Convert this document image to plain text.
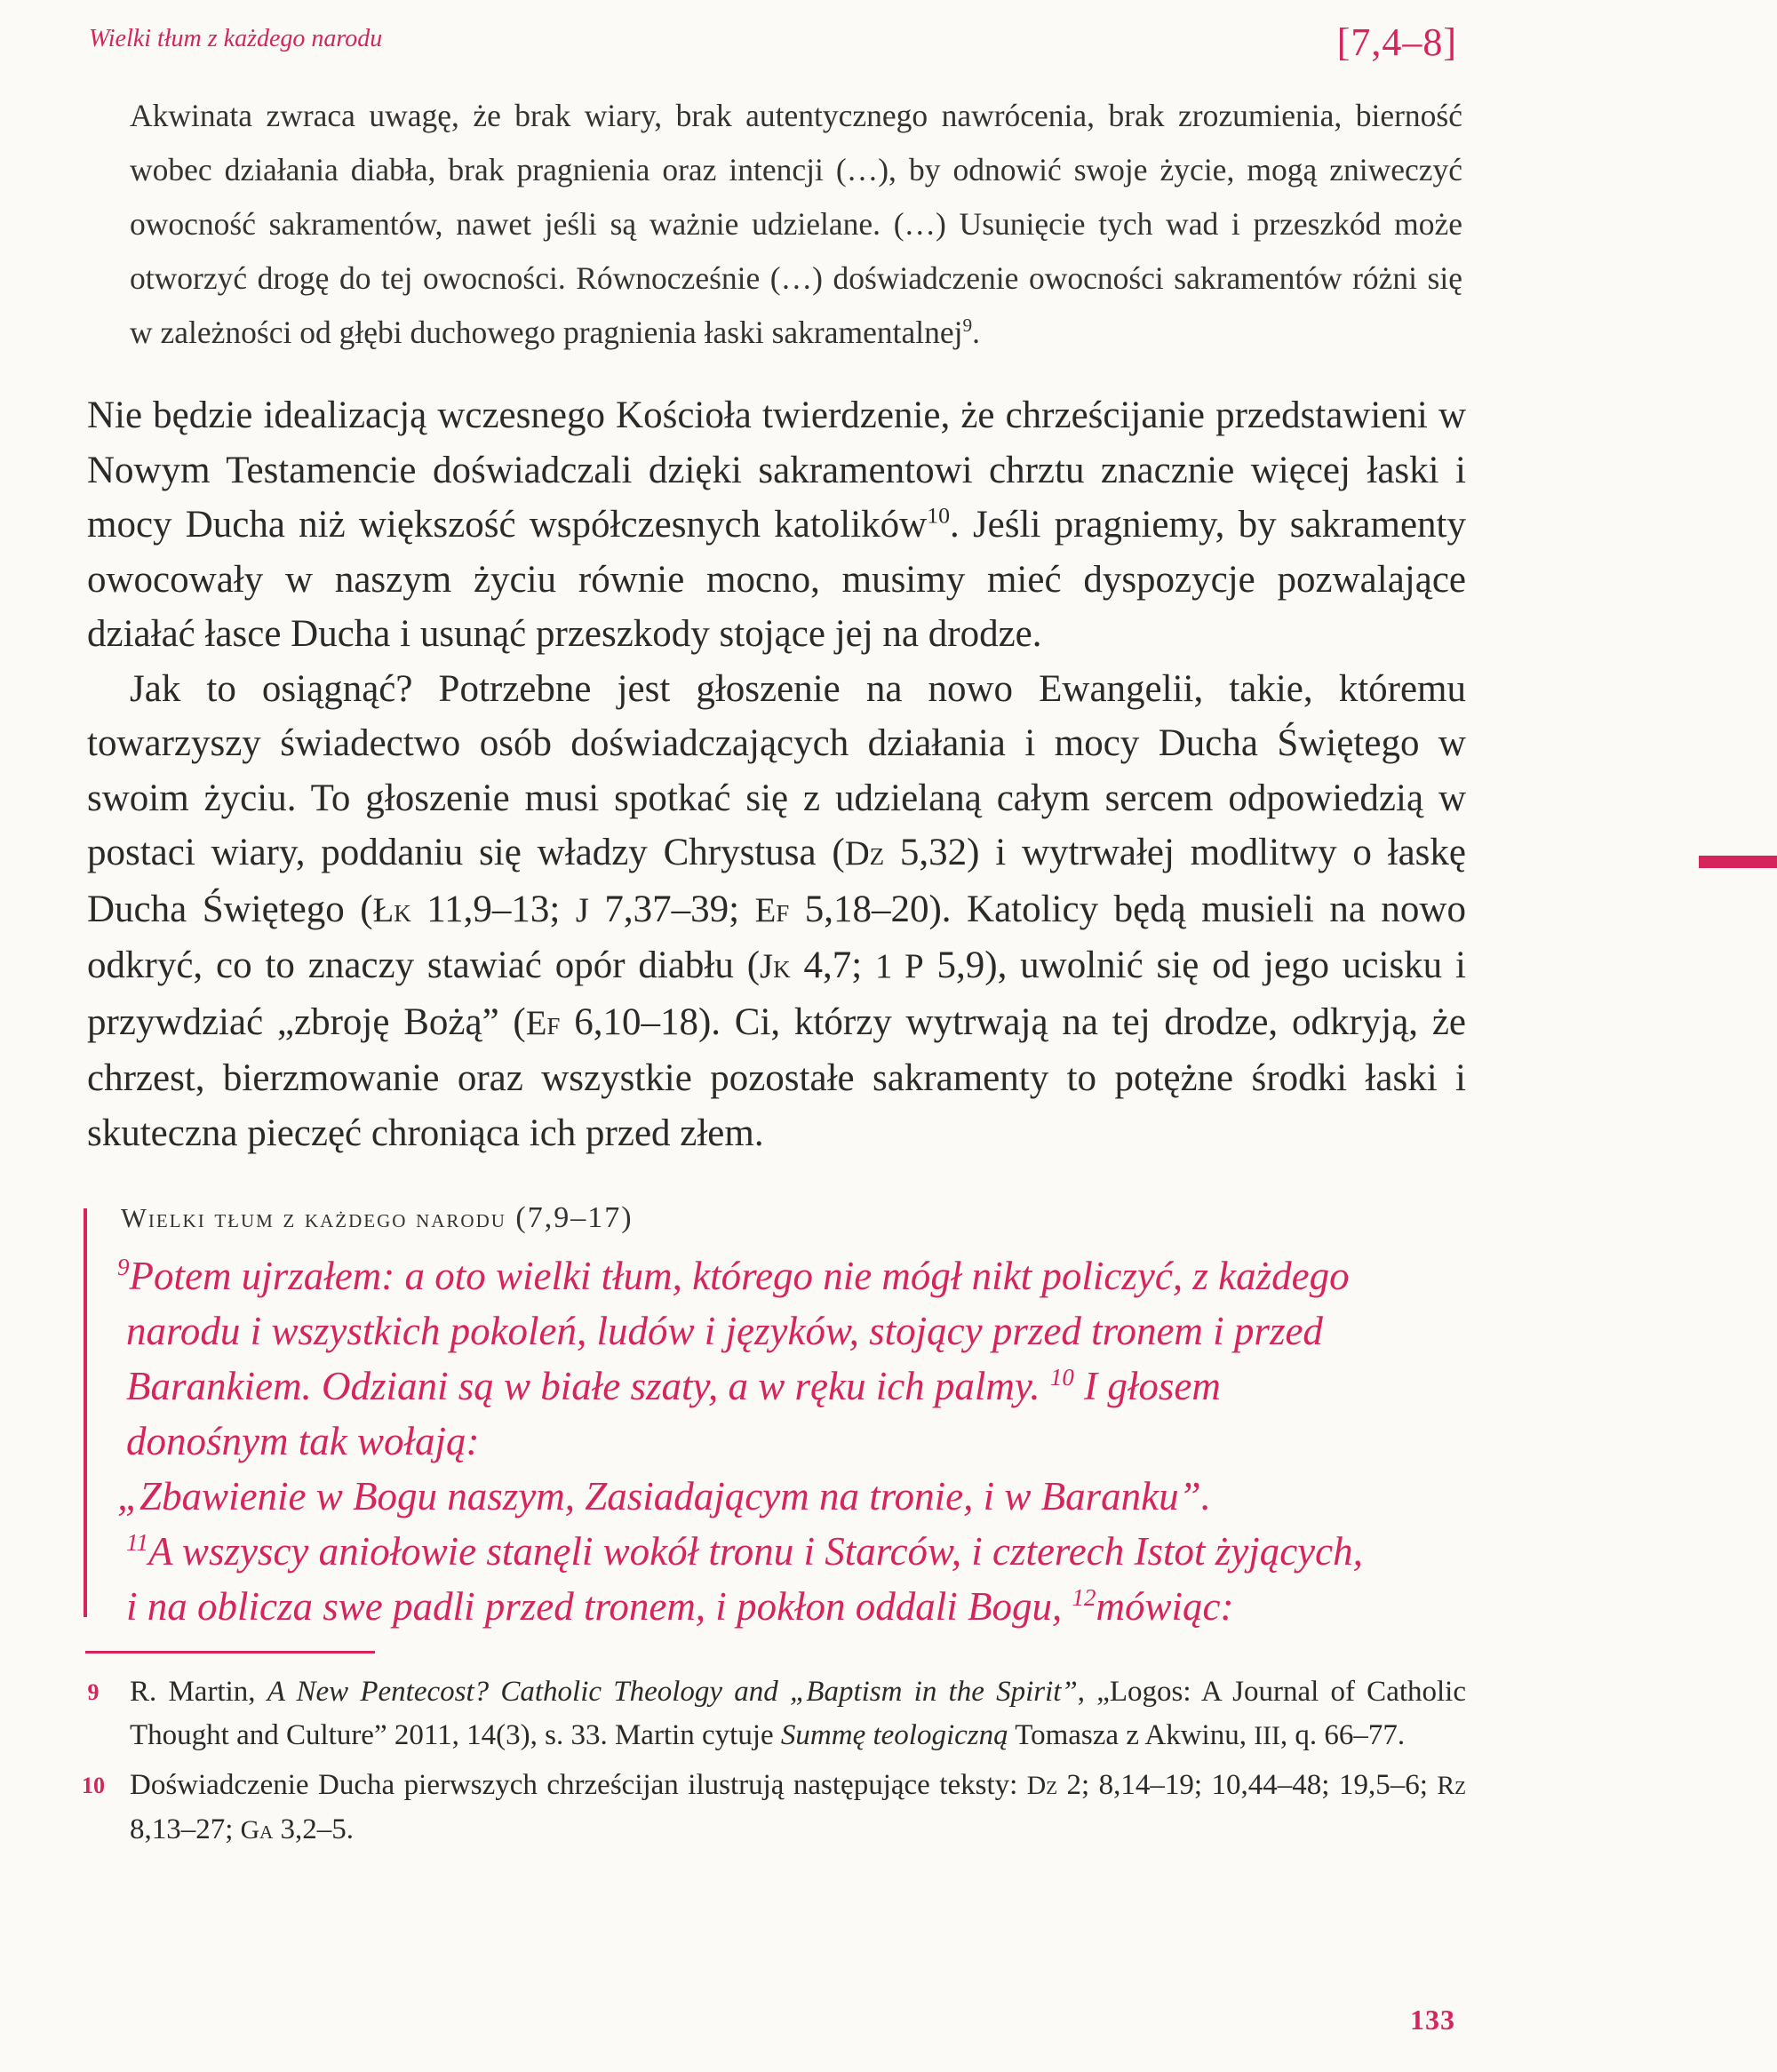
Wielki tłum z każdego narodu	[7,4–8]
Akwinata zwraca uwagę, że brak wiary, brak autentycznego nawrócenia, brak zrozumienia, bierność wobec działania diabła, brak pragnienia oraz intencji (…), by odnowić swoje życie, mogą zniweczyć owocność sakramentów, nawet jeśli są ważnie udzielane. (…) Usunięcie tych wad i przeszkód może otworzyć drogę do tej owocności. Równocześnie (…) doświadczenie owocności sakramentów różni się w zależności od głębi duchowego pragnienia łaski sakramentalnej$^9$.

Nie będzie idealizacją wczesnego Kościoła twierdzenie, że chrześcijanie przedstawieni w Nowym Testamencie doświadczali dzięki sakramentowi chrztu znacznie więcej łaski i mocy Ducha niż większość współczesnych katolików$^{10}$. Jeśli pragniemy, by sakramenty owocowały w naszym życiu równie mocno, musimy mieć dyspozycje pozwalające działać łasce Ducha i usunąć przeszkody stojące jej na drodze.

Jak to osiągnąć? Potrzebne jest głoszenie na nowo Ewangelii, takie, któremu towarzyszy świadectwo osób doświadczających działania i mocy Ducha Świętego w swoim życiu. To głoszenie musi spotkać się z udzielaną całym sercem odpowiedzią w postaci wiary, poddaniu się władzy Chrystusa (Dz 5,32) i wytrwałej modlitwy o łaskę Ducha Świętego (Łk 11,9–13; J 7,37–39; Ef 5,18–20). Katolicy będą musieli na nowo odkryć, co to znaczy stawiać opór diabłu (Jk 4,7; 1 P 5,9), uwolnić się od jego ucisku i przywdziać „zbroję Bożą” (Ef 6,10–18). Ci, którzy wytrwają na tej drodze, odkryją, że chrzest, bierzmowanie oraz wszystkie pozostałe sakramenty to potężne środki łaski i skuteczna pieczęć chroniąca ich przed złem.

Wielki tłum z każdego narodu (7,9–17)
$^9$Potem ujrzałem: a oto wielki tłum, którego nie mógł nikt policzyć, z każdego
narodu i wszystkich pokoleń, ludów i języków, stojący przed tronem i przed
Barankiem. Odziani są w białe szaty, a w ręku ich palmy. $^{10}$ I głosem
donośnym tak wołają:
„Zbawienie w Bogu naszym, Zasiadającym na tronie, i w Baranku”.
$^{11}$A wszyscy aniołowie stanęli wokół tronu i Starców, i czterech Istot żyjących,
i na oblicza swe padli przed tronem, i pokłon oddali Bogu, $^{12}$mówiąc:
9	R. Martin, A New Pentecost? Catholic Theology and „Baptism in the Spirit”, „Logos: A Journal of Catholic Thought and Culture” 2011, 14(3), s. 33. Martin cytuje Summę teologiczną Tomasza z Akwinu, III, q. 66–77.
10 Doświadczenie Ducha pierwszych chrześcijan ilustrują następujące teksty: Dz 2; 8,14–19; 10,44–48; 19,5–6; Rz 8,13–27; Ga 3,2–5.
133
